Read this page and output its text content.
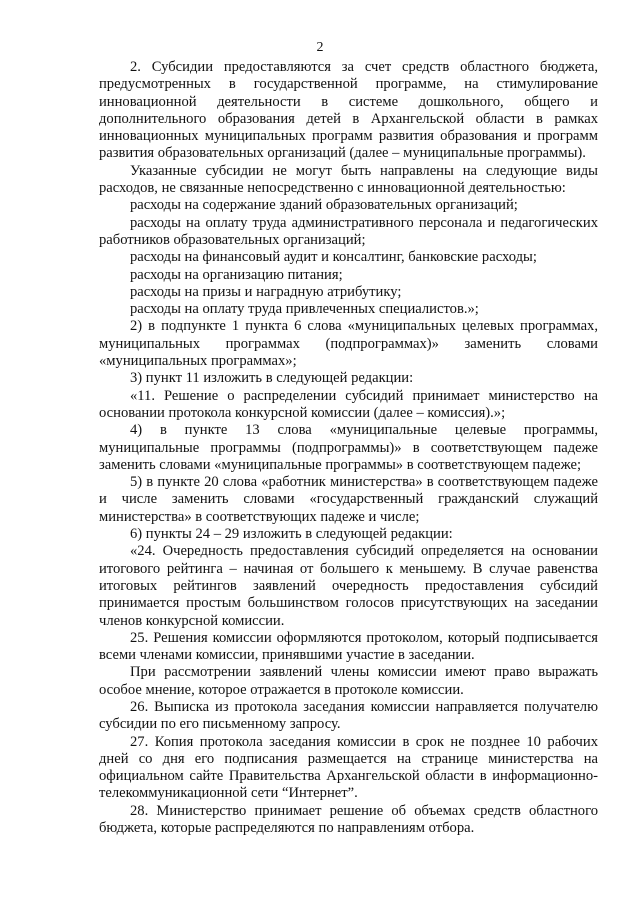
2

2. Субсидии предоставляются за счет средств областного бюджета, предусмотренных в государственной программе, на стимулирование инновационной деятельности в системе дошкольного, общего и дополнительного образования детей в Архангельской области в рамках инновационных муниципальных программ развития образования и программ развития образовательных организаций (далее – муниципальные программы).

Указанные субсидии не могут быть направлены на следующие виды расходов, не связанные непосредственно с инновационной деятельностью:

расходы на содержание зданий образовательных организаций;

расходы на оплату труда административного персонала и педагогических работников образовательных организаций;

расходы на финансовый аудит и консалтинг, банковские расходы;

расходы на организацию питания;

расходы на призы и наградную атрибутику;

расходы на оплату труда привлеченных специалистов.»;

2) в подпункте 1 пункта 6 слова «муниципальных целевых программах, муниципальных программах (подпрограммах)» заменить словами «муниципальных программах»;

3) пункт 11 изложить в следующей редакции:

«11. Решение о распределении субсидий принимает министерство на основании протокола конкурсной комиссии (далее – комиссия).»;

4) в пункте 13 слова «муниципальные целевые программы, муниципальные программы (подпрограммы)» в соответствующем падеже заменить словами «муниципальные программы» в соответствующем падеже;

5) в пункте 20 слова «работник министерства» в соответствующем падеже и числе заменить словами «государственный гражданский служащий министерства» в соответствующих падеже и числе;

6) пункты 24 – 29 изложить в следующей редакции:

«24. Очередность предоставления субсидий определяется на основании итогового рейтинга – начиная от большего к меньшему. В случае равенства итоговых рейтингов заявлений очередность предоставления субсидий принимается простым большинством голосов присутствующих на заседании членов конкурсной комиссии.

25. Решения комиссии оформляются протоколом, который подписывается всеми членами комиссии, принявшими участие в заседании.

При рассмотрении заявлений члены комиссии имеют право выражать особое мнение, которое отражается в протоколе комиссии.

26. Выписка из протокола заседания комиссии направляется получателю субсидии по его письменному запросу.

27. Копия протокола заседания комиссии в срок не позднее 10 рабочих дней со дня его подписания размещается на странице министерства на официальном сайте Правительства Архангельской области в информационно-телекоммуникационной сети “Интернет”.

28. Министерство принимает решение об объемах средств областного бюджета, которые распределяются по направлениям отбора.
